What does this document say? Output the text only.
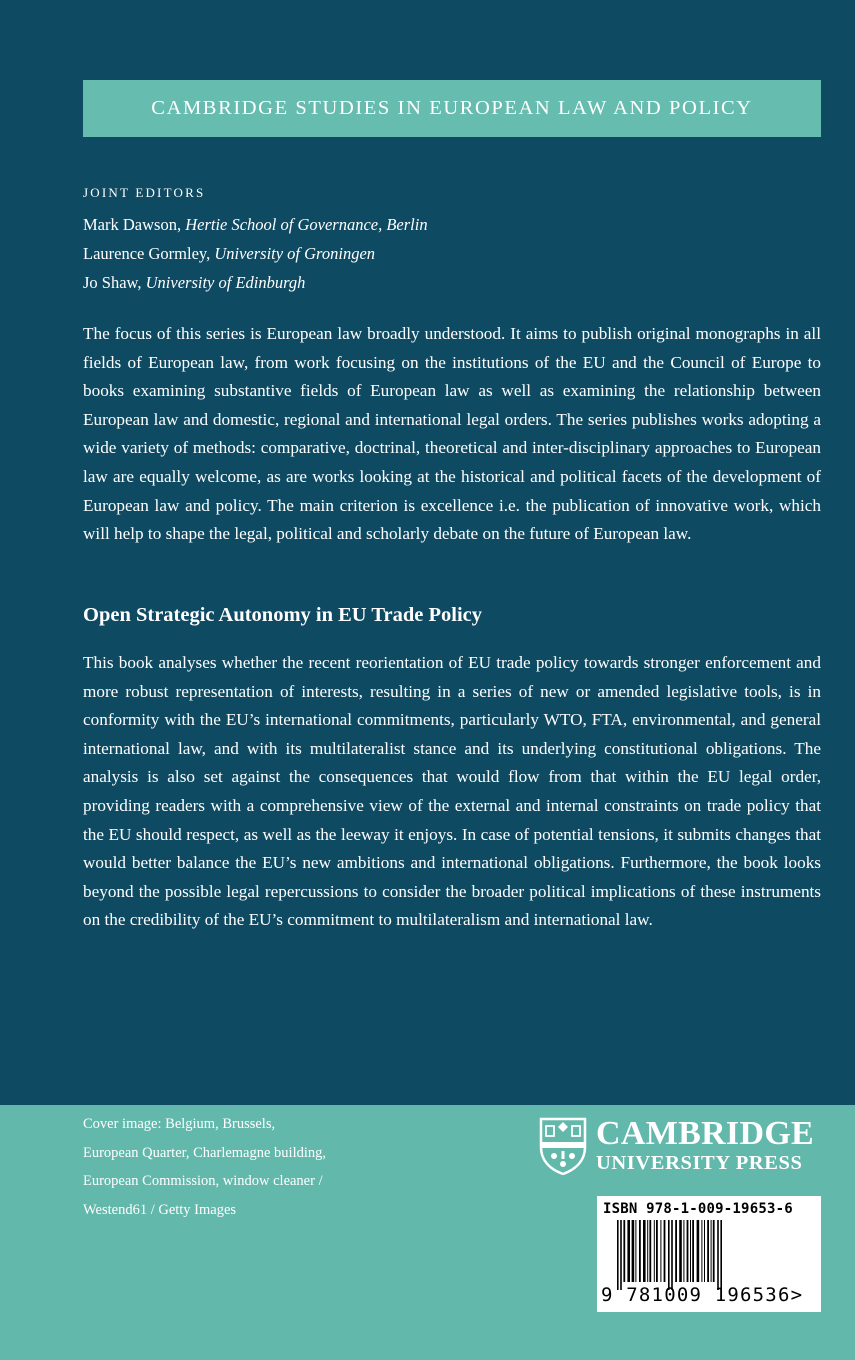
CAMBRIDGE STUDIES IN EUROPEAN LAW AND POLICY
JOINT EDITORS
Mark Dawson, Hertie School of Governance, Berlin
Laurence Gormley, University of Groningen
Jo Shaw, University of Edinburgh
The focus of this series is European law broadly understood. It aims to publish original monographs in all fields of European law, from work focusing on the institutions of the EU and the Council of Europe to books examining substantive fields of European law as well as examining the relationship between European law and domestic, regional and international legal orders. The series publishes works adopting a wide variety of methods: comparative, doctrinal, theoretical and inter-disciplinary approaches to European law are equally welcome, as are works looking at the historical and political facets of the development of European law and policy. The main criterion is excellence i.e. the publication of innovative work, which will help to shape the legal, political and scholarly debate on the future of European law.
Open Strategic Autonomy in EU Trade Policy
This book analyses whether the recent reorientation of EU trade policy towards stronger enforcement and more robust representation of interests, resulting in a series of new or amended legislative tools, is in conformity with the EU’s international commitments, particularly WTO, FTA, environmental, and general international law, and with its multilateralist stance and its underlying constitutional obligations. The analysis is also set against the consequences that would flow from that within the EU legal order, providing readers with a comprehensive view of the external and internal constraints on trade policy that the EU should respect, as well as the leeway it enjoys. In case of potential tensions, it submits changes that would better balance the EU’s new ambitions and international obligations. Furthermore, the book looks beyond the possible legal repercussions to consider the broader political implications of these instruments on the credibility of the EU’s commitment to multilateralism and international law.
Cover image: Belgium, Brussels,
European Quarter, Charlemagne building,
European Commission, window cleaner /
Westend61 / Getty Images
CAMBRIDGE
UNIVERSITY PRESS
ISBN 978-1-009-19653-6
9 781009 196536>
